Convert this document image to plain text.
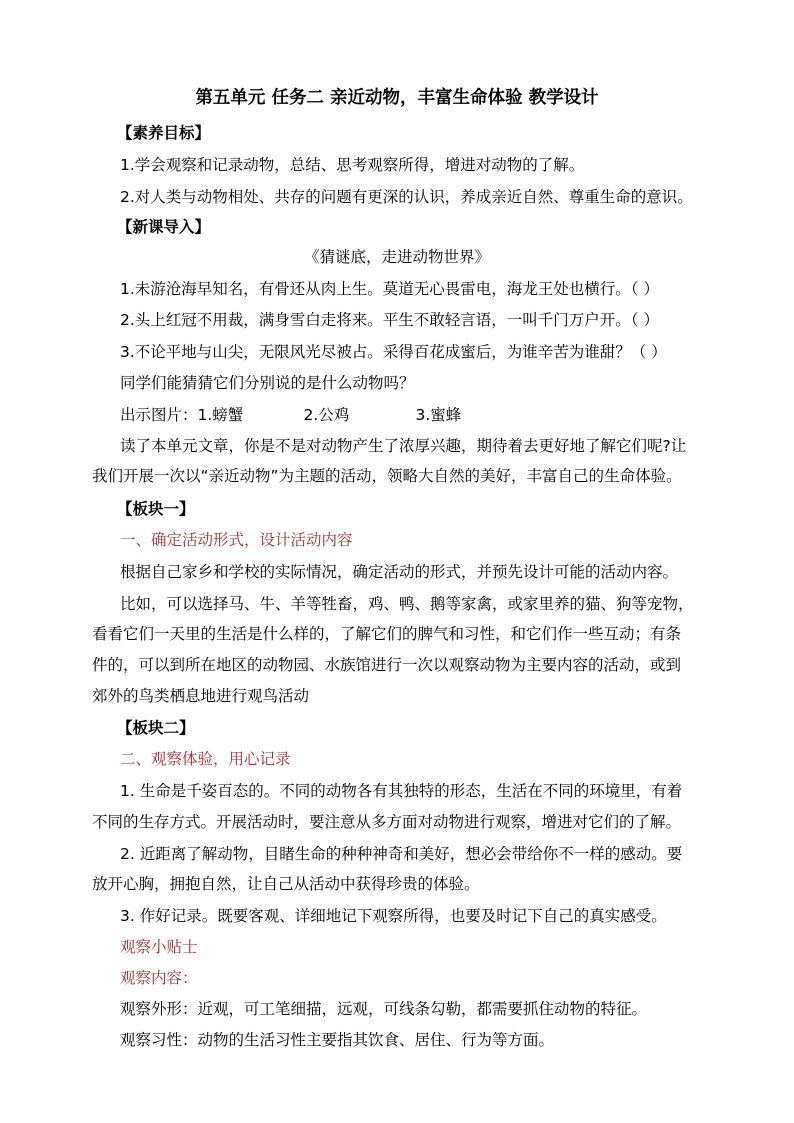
第五单元 任务二 亲近动物，丰富生命体验 教学设计
【素养目标】
1.学会观察和记录动物，总结、思考观察所得，增进对动物的了解。
2.对人类与动物相处、共存的问题有更深的认识，养成亲近自然、尊重生命的意识。
【新课导入】
《猜谜底，走进动物世界》
1.未游沧海早知名，有骨还从肉上生。莫道无心畏雷电，海龙王处也横行。（ ）
2.头上红冠不用裁，满身雪白走将来。平生不敢轻言语，一叫千门万户开。（ ）
3.不论平地与山尖，无限风光尽被占。采得百花成蜜后，为谁辛苦为谁甜？（ ）
同学们能猜猜它们分别说的是什么动物吗？
出示图片：1.螃蟹	2.公鸡	3.蜜蜂
读了本单元文章，你是不是对动物产生了浓厚兴趣，期待着去更好地了解它们呢?让
我们开展一次以“亲近动物”为主题的活动，领略大自然的美好，丰富自己的生命体验。
【板块一】
一、确定活动形式，设计活动内容
根据自己家乡和学校的实际情况，确定活动的形式，并预先设计可能的活动内容。
比如，可以选择马、牛、羊等牲畜，鸡、鸭、鹅等家禽，或家里养的猫、狗等宠物，
看看它们一天里的生活是什么样的，了解它们的脾气和习性，和它们作一些互动；有条
件的，可以到所在地区的动物园、水族馆进行一次以观察动物为主要内容的活动，或到
郊外的鸟类栖息地进行观鸟活动
【板块二】
二、观察体验，用心记录
1. 生命是千姿百态的。不同的动物各有其独特的形态，生活在不同的环境里，有着
不同的生存方式。开展活动时，要注意从多方面对动物进行观察，增进对它们的了解。
2. 近距离了解动物，目睹生命的种种神奇和美好，想必会带给你不一样的感动。要
放开心胸，拥抱自然，让自己从活动中获得珍贵的体验。
3. 作好记录。既要客观、详细地记下观察所得，也要及时记下自己的真实感受。
观察小贴士
观察内容：
观察外形：近观，可工笔细描，远观，可线条勾勒，都需要抓住动物的特征。
观察习性：动物的生活习性主要指其饮食、居住、行为等方面。
